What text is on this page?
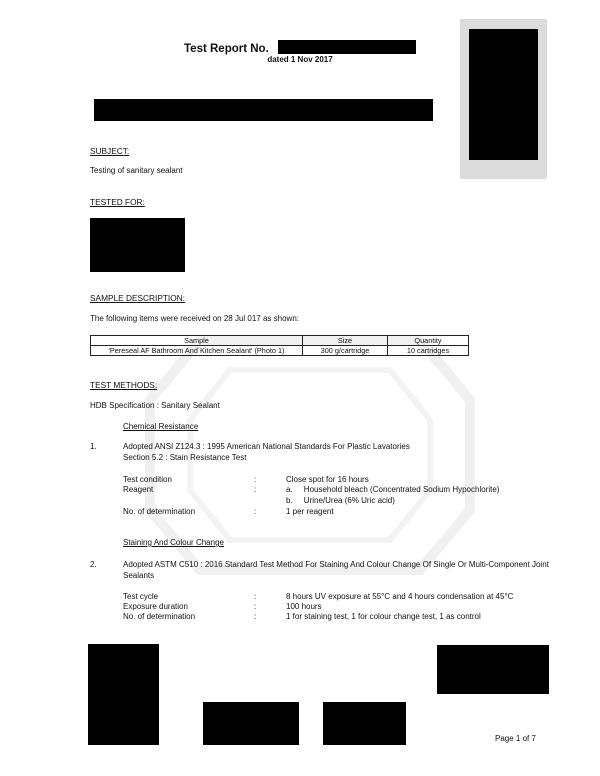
Test Report No.
dated 1 Nov 2017
SUBJECT:
Testing of sanitary sealant
TESTED FOR:
SAMPLE DESCRIPTION:
The following items were received on 28 Jul 017 as shown:
Sample	Size	Quantity
'Pereseal AF Bathroom And Kitchen Sealant' (Photo 1)	300 g/cartridge	10 cartridges
TEST METHODS:
HDB Specification : Sanitary Sealant
Chemical Resistance
1.	Adopted ANSI Z124.3 : 1995 American National Standards For Plastic Lavatories
Section 5.2 : Stain Resistance Test
Test condition	:	Close spot for 16 hours
Reagent	:	a.     Household bleach (Concentrated Sodium Hypochlorite)
b.     Urine/Urea (6% Uric acid)
No. of determination	:	1 per reagent
Staining And Colour Change
2.	Adopted ASTM C510 : 2016 Standard Test Method For Staining And Colour Change Of Single Or Multi-Component Joint
Sealants
Test cycle	:	8 hours UV exposure at 55°C and 4 hours condensation at 45°C
Exposure duration	:	100 hours
No. of determination	:	1 for staining test, 1 for colour change test, 1 as control
Page 1 of 7
